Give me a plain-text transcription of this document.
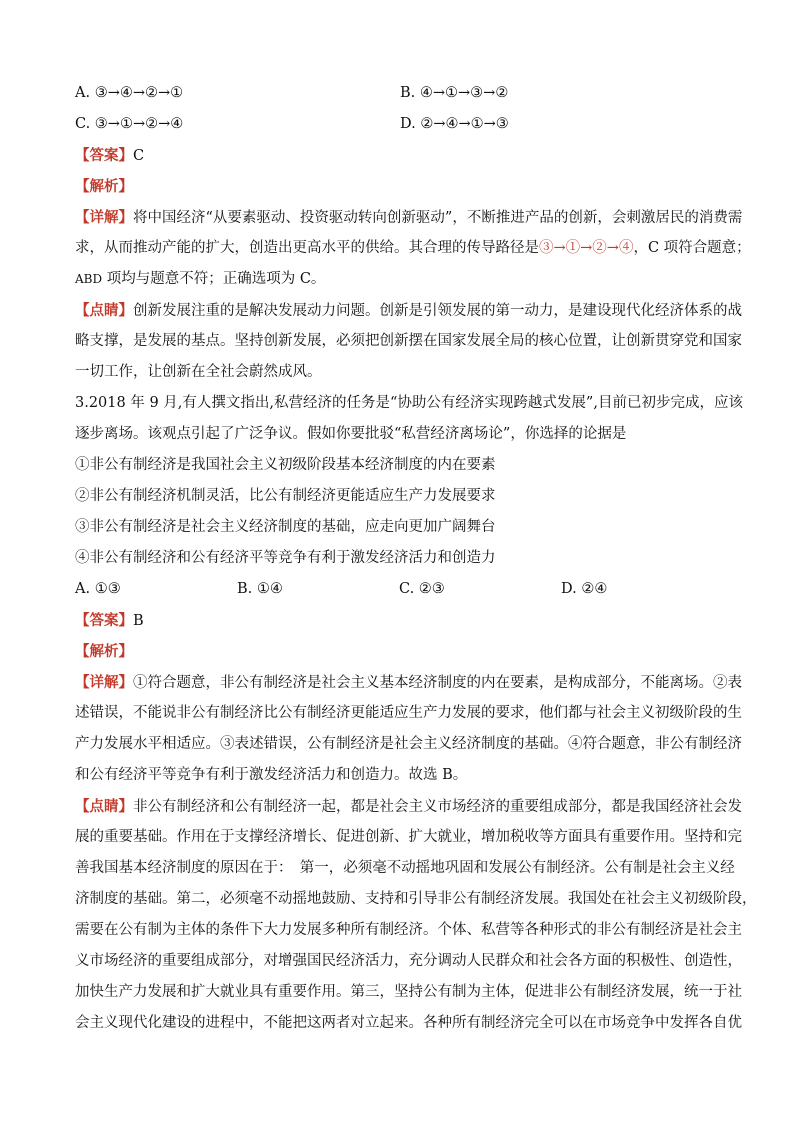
A. ③→④→②→①	B. ④→①→③→②
C. ③→①→②→④	D. ②→④→①→③
【答案】C
【解析】
【详解】将中国经济“从要素驱动、投资驱动转向创新驱动”，不断推进产品的创新，会刺激居民的消费需
求，从而推动产能的扩大，创造出更高水平的供给。其合理的传导路径是③→①→②→④，C 项符合题意；
ABD 项均与题意不符；正确选项为 C。
【点睛】创新发展注重的是解决发展动力问题。创新是引领发展的第一动力，是建设现代化经济体系的战
略支撑，是发展的基点。坚持创新发展，必须把创新摆在国家发展全局的核心位置，让创新贯穿党和国家
一切工作，让创新在全社会蔚然成风。
3.2018 年 9 月,有人撰文指出,私营经济的任务是“协助公有经济实现跨越式发展”,目前已初步完成，应该
逐步离场。该观点引起了广泛争议。假如你要批驳“私营经济离场论”，你选择的论据是
①非公有制经济是我国社会主义初级阶段基本经济制度的内在要素
②非公有制经济机制灵活，比公有制经济更能适应生产力发展要求
③非公有制经济是社会主义经济制度的基础，应走向更加广阔舞台
④非公有制经济和公有经济平等竞争有利于激发经济活力和创造力
A. ①③	B. ①④	C. ②③	D. ②④
【答案】B
【解析】
【详解】①符合题意，非公有制经济是社会主义基本经济制度的内在要素，是构成部分，不能离场。②表
述错误，不能说非公有制经济比公有制经济更能适应生产力发展的要求，他们都与社会主义初级阶段的生
产力发展水平相适应。③表述错误，公有制经济是社会主义经济制度的基础。④符合题意，非公有制经济
和公有经济平等竞争有利于激发经济活力和创造力。故选 B。
【点睛】非公有制经济和公有制经济一起，都是社会主义市场经济的重要组成部分，都是我国经济社会发
展的重要基础。作用在于支撑经济增长、促进创新、扩大就业，增加税收等方面具有重要作用。坚持和完
善我国基本经济制度的原因在于：　第一，必须毫不动摇地巩固和发展公有制经济。公有制是社会主义经
济制度的基础。第二，必须毫不动摇地鼓励、支持和引导非公有制经济发展。我国处在社会主义初级阶段，
需要在公有制为主体的条件下大力发展多种所有制经济。个体、私营等各种形式的非公有制经济是社会主
义市场经济的重要组成部分，对增强国民经济活力，充分调动人民群众和社会各方面的积极性、创造性，
加快生产力发展和扩大就业具有重要作用。第三，坚持公有制为主体，促进非公有制经济发展，统一于社
会主义现代化建设的进程中，不能把这两者对立起来。各种所有制经济完全可以在市场竞争中发挥各自优
